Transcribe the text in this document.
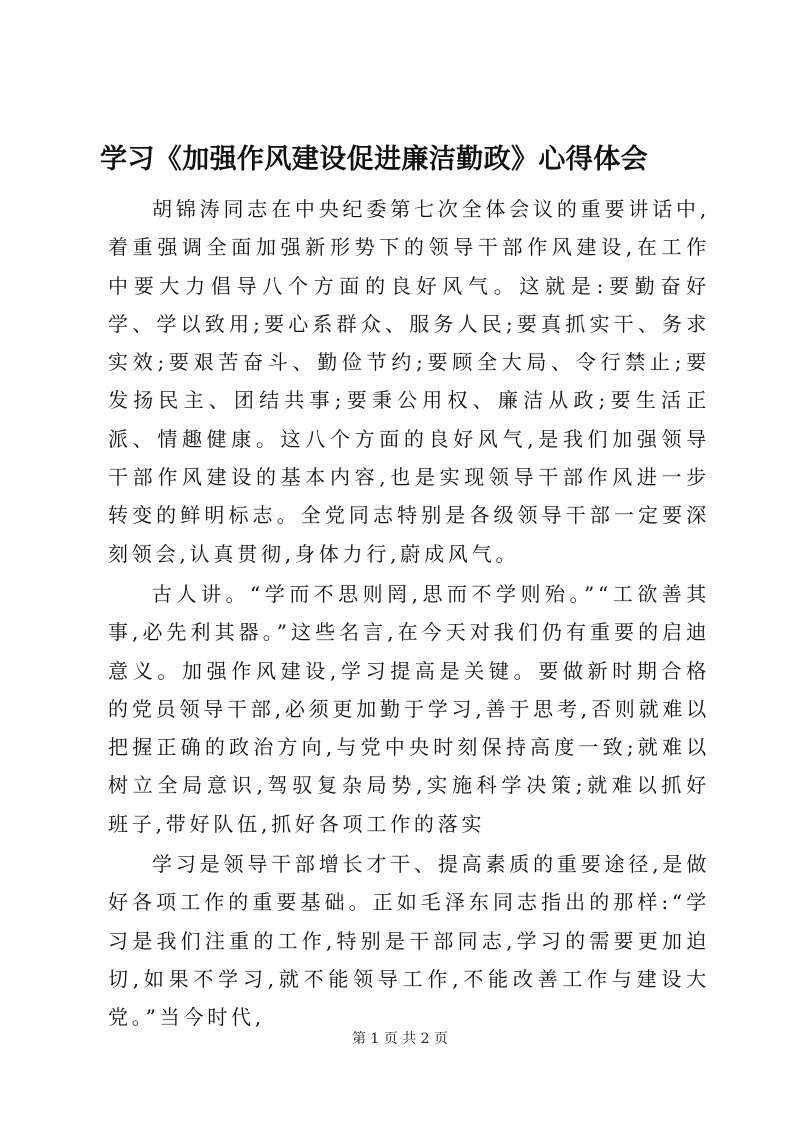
学习《加强作风建设促进廉洁勤政》心得体会

胡锦涛同志在中央纪委第七次全体会议的重要讲话中,着重强调全面加强新形势下的领导干部作风建设,在工作中要大力倡导八个方面的良好风气。这就是:要勤奋好学、学以致用;要心系群众、服务人民;要真抓实干、务求实效;要艰苦奋斗、勤俭节约;要顾全大局、令行禁止;要发扬民主、团结共事;要秉公用权、廉洁从政;要生活正派、情趣健康。这八个方面的良好风气,是我们加强领导干部作风建设的基本内容,也是实现领导干部作风进一步转变的鲜明标志。全党同志特别是各级领导干部一定要深刻领会,认真贯彻,身体力行,蔚成风气。

古人讲。“学而不思则罔,思而不学则殆。”“工欲善其事,必先利其器。”这些名言,在今天对我们仍有重要的启迪意义。加强作风建设,学习提高是关键。要做新时期合格的党员领导干部,必须更加勤于学习,善于思考,否则就难以把握正确的政治方向,与党中央时刻保持高度一致;就难以树立全局意识,驾驭复杂局势,实施科学决策;就难以抓好班子,带好队伍,抓好各项工作的落实

学习是领导干部增长才干、提高素质的重要途径,是做好各项工作的重要基础。正如毛泽东同志指出的那样:“学习是我们注重的工作,特别是干部同志,学习的需要更加迫切,如果不学习,就不能领导工作,不能改善工作与建设大党。”当今时代,

第 1 页 共 2 页
